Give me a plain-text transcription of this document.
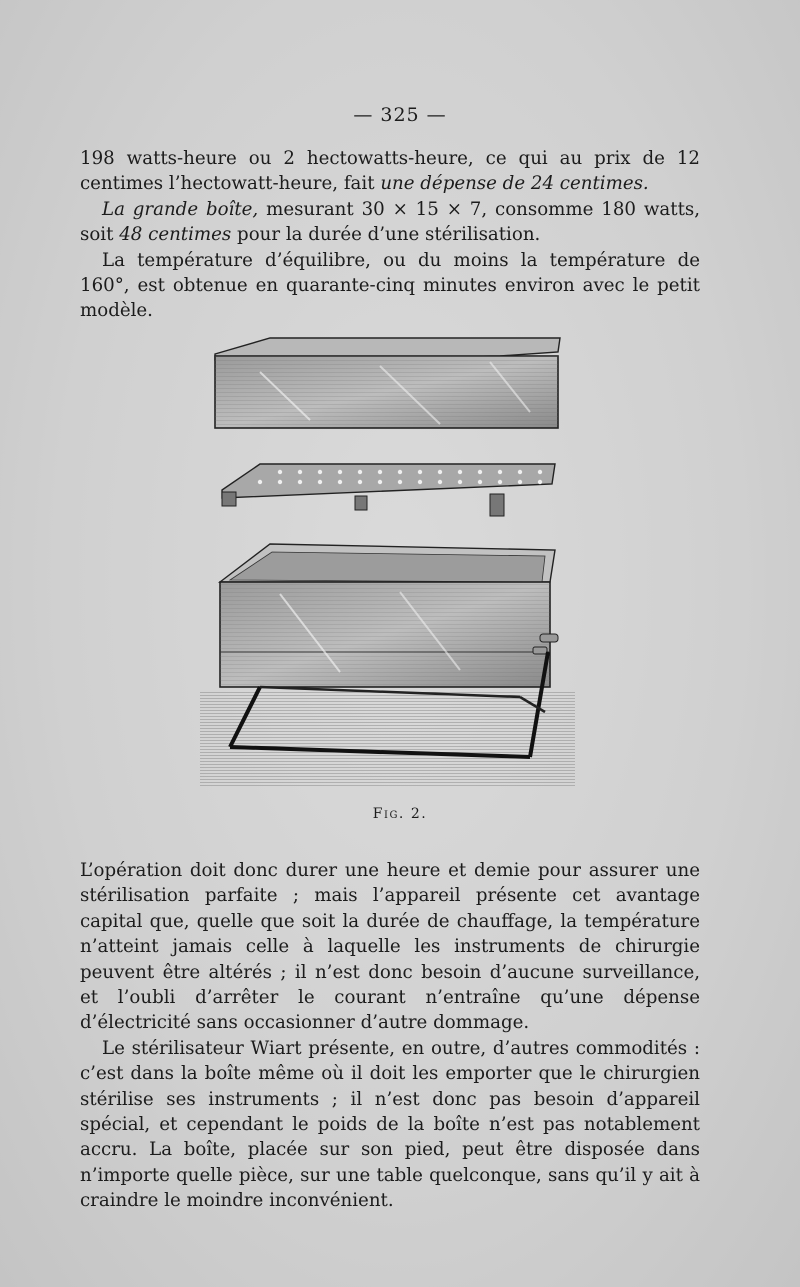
— 325 —

198 watts-heure ou 2 hectowatts-heure, ce qui au prix de 12 centimes l’hectowatt-heure, fait une dépense de 24 centimes.

La grande boîte, mesurant 30 × 15 × 7, consomme 180 watts, soit 48 centimes pour la durée d’une stérilisation.

La température d’équilibre, ou du moins la température de 160°, est obtenue en quarante-cinq minutes environ avec le petit modèle.

Fig. 2.

L’opération doit donc durer une heure et demie pour assurer une stérilisation parfaite ; mais l’appareil présente cet avantage capital que, quelle que soit la durée de chauffage, la température n’atteint jamais celle à laquelle les instruments de chirurgie peuvent être altérés ; il n’est donc besoin d’aucune surveillance, et l’oubli d’arrêter le courant n’entraîne qu’une dépense d’électricité sans occasionner d’autre dommage.

Le stérilisateur Wiart présente, en outre, d’autres commodités : c’est dans la boîte même où il doit les emporter que le chirurgien stérilise ses instruments ; il n’est donc pas besoin d’appareil spécial, et cependant le poids de la boîte n’est pas notablement accru. La boîte, placée sur son pied, peut être disposée dans n’importe quelle pièce, sur une table quelconque, sans qu’il y ait à craindre le moindre inconvénient.
